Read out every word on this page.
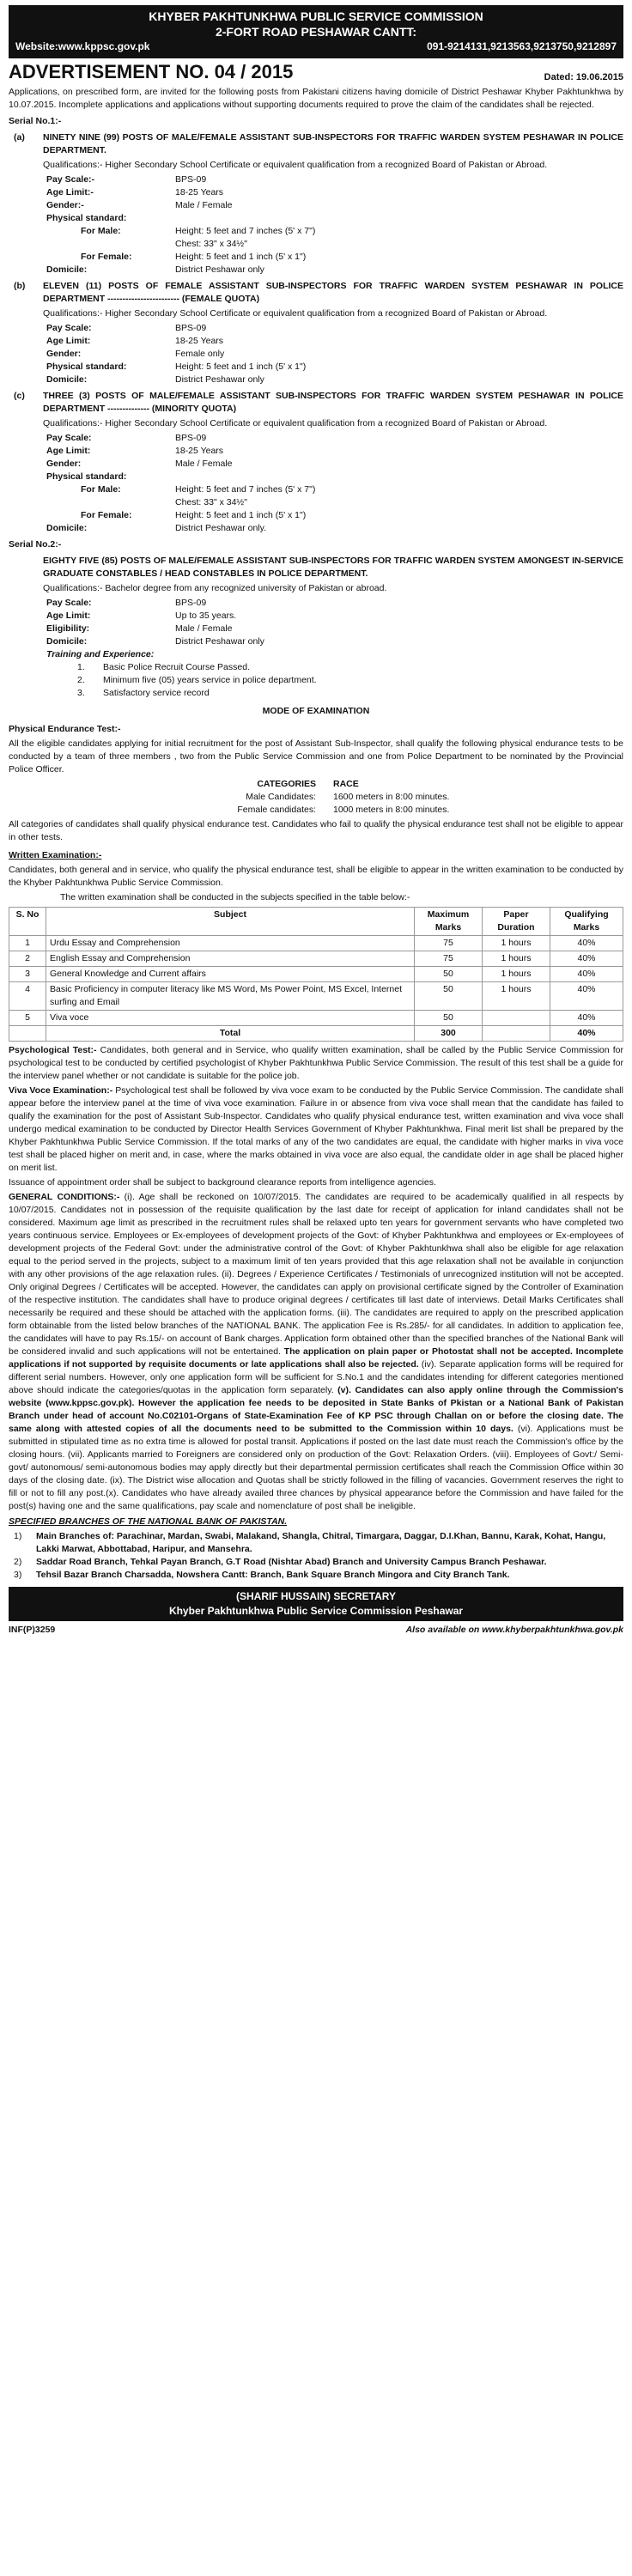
KHYBER PAKHTUNKHWA PUBLIC SERVICE COMMISSION
2-FORT ROAD PESHAWAR CANTT:
Website:www.kppsc.gov.pk	091-9214131,9213563,9213750,9212897
ADVERTISEMENT NO. 04 / 2015	Dated: 19.06.2015

Applications, on prescribed form, are invited for the following posts from Pakistani citizens having domicile of District Peshawar Khyber Pakhtunkhwa by 10.07.2015. Incomplete applications and applications without supporting documents required to prove the claim of the candidates shall be rejected.

Serial No.1:-
(a)	NINETY NINE (99) POSTS OF MALE/FEMALE ASSISTANT SUB-INSPECTORS FOR TRAFFIC WARDEN SYSTEM PESHAWAR IN POLICE DEPARTMENT.

Qualifications:- Higher Secondary School Certificate or equivalent qualification from a recognized Board of Pakistan or Abroad.

Pay Scale:-	BPS-09
Age Limit:-	18-25 Years
Gender:-	Male / Female
Physical standard:
For Male:	Height: 5 feet and 7 inches (5' x 7")
Chest: 33" x 34½"
For Female:	Height: 5 feet and 1 inch (5' x 1")
Domicile:	District Peshawar only
(b)	ELEVEN (11) POSTS OF FEMALE ASSISTANT SUB-INSPECTORS FOR TRAFFIC WARDEN SYSTEM PESHAWAR IN POLICE DEPARTMENT ------------------------ (FEMALE QUOTA)

Qualifications:- Higher Secondary School Certificate or equivalent qualification from a recognized Board of Pakistan or Abroad.

Pay Scale:	BPS-09
Age Limit:	18-25 Years
Gender:	Female only
Physical standard:	Height: 5 feet and 1 inch (5' x 1")
Domicile:	District Peshawar only
(c)	THREE (3) POSTS OF MALE/FEMALE ASSISTANT SUB-INSPECTORS FOR TRAFFIC WARDEN SYSTEM PESHAWAR IN POLICE DEPARTMENT -------------- (MINORITY QUOTA)

Qualifications:- Higher Secondary School Certificate or equivalent qualification from a recognized Board of Pakistan or Abroad.

Pay Scale:	BPS-09
Age Limit:	18-25 Years
Gender:	Male / Female
Physical standard:
For Male:	Height: 5 feet and 7 inches (5' x 7")
Chest: 33" x 34½"
For Female:	Height: 5 feet and 1 inch (5' x 1")
Domicile:	District Peshawar only.
Serial No.2:-
EIGHTY FIVE (85) POSTS OF MALE/FEMALE ASSISTANT SUB-INSPECTORS FOR TRAFFIC WARDEN SYSTEM AMONGEST IN-SERVICE GRADUATE CONSTABLES / HEAD CONSTABLES IN POLICE DEPARTMENT.

Qualifications:- Bachelor degree from any recognized university of Pakistan or abroad.

Pay Scale:	BPS-09
Age Limit:	Up to 35 years.
Eligibility:	Male / Female
Domicile:	District Peshawar only
Training and Experience:
1.	Basic Police Recruit Course Passed.
2.	Minimum five (05) years service in police department.
3.	Satisfactory service record
MODE OF EXAMINATION
Physical Endurance Test:-

All the eligible candidates applying for initial recruitment for the post of Assistant Sub-Inspector, shall qualify the following physical endurance tests to be conducted by a team of three members , two from the Public Service Commission and one from Police Department to be nominated by the Provincial Police Officer.

CATEGORIES	RACE
Male Candidates:	1600 meters in 8:00 minutes.
Female candidates:	1000 meters in 8:00 minutes.

All categories of candidates shall qualify physical endurance test. Candidates who fail to qualify the physical endurance test shall not be eligible to appear in other tests.

Written Examination:-

Candidates, both general and in service, who qualify the physical endurance test, shall be eligible to appear in the written examination to be conducted by the Khyber Pakhtunkhwa Public Service Commission.

The written examination shall be conducted in the subjects specified in the table below:-

S. No	Subject	Maximum Marks	Paper Duration	Qualifying Marks
1	Urdu Essay and Comprehension	75	1 hours	40%
2	English Essay and Comprehension	75	1 hours	40%
3	General Knowledge and Current affairs	50	1 hours	40%
4	Basic Proficiency in computer literacy like MS Word, Ms Power Point, MS Excel, Internet surfing and Email	50	1 hours	40%
5	Viva voce	50		40%
	Total	300		40%

Psychological Test:- Candidates, both general and in Service, who qualify written examination, shall be called by the Public Service Commission for psychological test to be conducted by certified psychologist of Khyber Pakhtunkhwa Public Service Commission. The result of this test shall be a guide for the interview panel whether or not candidate is suitable for the police job.

Viva Voce Examination:- Psychological test shall be followed by viva voce exam to be conducted by the Public Service Commission. The candidate shall appear before the interview panel at the time of viva voce examination. Failure in or absence from viva voce shall mean that the candidate has failed to qualify the examination for the post of Assistant Sub-Inspector. Candidates who qualify physical endurance test, written examination and viva voce shall undergo medical examination to be conducted by Director Health Services Government of Khyber Pakhtunkhwa. Final merit list shall be prepared by the Khyber Pakhtunkhwa Public Service Commission. If the total marks of any of the two candidates are equal, the candidate with higher marks in viva voce test shall be placed higher on merit and, in case, where the marks obtained in viva voce are also equal, the candidate older in age shall be placed higher on merit list.

Issuance of appointment order shall be subject to background clearance reports from intelligence agencies.

GENERAL CONDITIONS:- (i). Age shall be reckoned on 10/07/2015. The candidates are required to be academically qualified in all respects by 10/07/2015. Candidates not in possession of the requisite qualification by the last date for receipt of application for inland candidates shall not be considered. Maximum age limit as prescribed in the recruitment rules shall be relaxed upto ten years for government servants who have completed two years continuous service. Employees or Ex-employees of development projects of the Govt: of Khyber Pakhtunkhwa and employees or Ex-employees of development projects of the Federal Govt: under the administrative control of the Govt: of Khyber Pakhtunkhwa shall also be eligible for age relaxation equal to the period served in the projects, subject to a maximum limit of ten years provided that this age relaxation shall not be available in conjunction with any other provisions of the age relaxation rules. (ii). Degrees / Experience Certificates / Testimonials of unrecognized institution will not be accepted. Only original Degrees / Certificates will be accepted. However, the candidates can apply on provisional certificate signed by the Controller of Examination of the respective institution. The candidates shall have to produce original degrees / certificates till last date of interviews. Detail Marks Certificates shall necessarily be required and these should be attached with the application forms. (iii). The candidates are required to apply on the prescribed application form obtainable from the listed below branches of the NATIONAL BANK. The application Fee is Rs.285/- for all candidates. In addition to application fee, the candidates will have to pay Rs.15/- on account of Bank charges. Application form obtained other than the specified branches of the National Bank will be considered invalid and such applications will not be entertained. The application on plain paper or Photostat shall not be accepted. Incomplete applications if not supported by requisite documents or late applications shall also be rejected. (iv). Separate application forms will be required for different serial numbers. However, only one application form will be sufficient for S.No.1 and the candidates intending for different categories mentioned above should indicate the categories/quotas in the application form separately. (v). Candidates can also apply online through the Commission's website (www.kppsc.gov.pk). However the application fee needs to be deposited in State Banks of Pkistan or a National Bank of Pakistan Branch under head of account No.C02101-Organs of State-Examination Fee of KP PSC through Challan on or before the closing date. The same along with attested copies of all the documents need to be submitted to the Commission within 10 days. (vi). Applications must be submitted in stipulated time as no extra time is allowed for postal transit. Applications if posted on the last date must reach the Commission's office by the closing hours. (vii). Applicants married to Foreigners are considered only on production of the Govt: Relaxation Orders. (viii). Employees of Govt:/ Semi-govt/ autonomous/ semi-autonomous bodies may apply directly but their departmental permission certificates shall reach the Commission Office within 30 days of the closing date. (ix). The District wise allocation and Quotas shall be strictly followed in the filling of vacancies. Government reserves the right to fill or not to fill any post.(x). Candidates who have already availed three chances by physical appearance before the Commission and have failed for the post(s) having one and the same qualifications, pay scale and nomenclature of post shall be ineligible.

SPECIFIED BRANCHES OF THE NATIONAL BANK OF PAKISTAN.
1)	Main Branches of: Parachinar, Mardan, Swabi, Malakand, Shangla, Chitral, Timargara, Daggar, D.I.Khan, Bannu, Karak, Kohat, Hangu, Lakki Marwat, Abbottabad, Haripur, and Mansehra.
2)	Saddar Road Branch, Tehkal Payan Branch, G.T Road (Nishtar Abad) Branch and University Campus Branch Peshawar.
3)	Tehsil Bazar Branch Charsadda, Nowshera Cantt: Branch, Bank Square Branch Mingora and City Branch Tank.
(SHARIF HUSSAIN) SECRETARY
Khyber Pakhtunkhwa Public Service Commission Peshawar
INF(P)3259	Also available on www.khyberpakhtunkhwa.gov.pk
